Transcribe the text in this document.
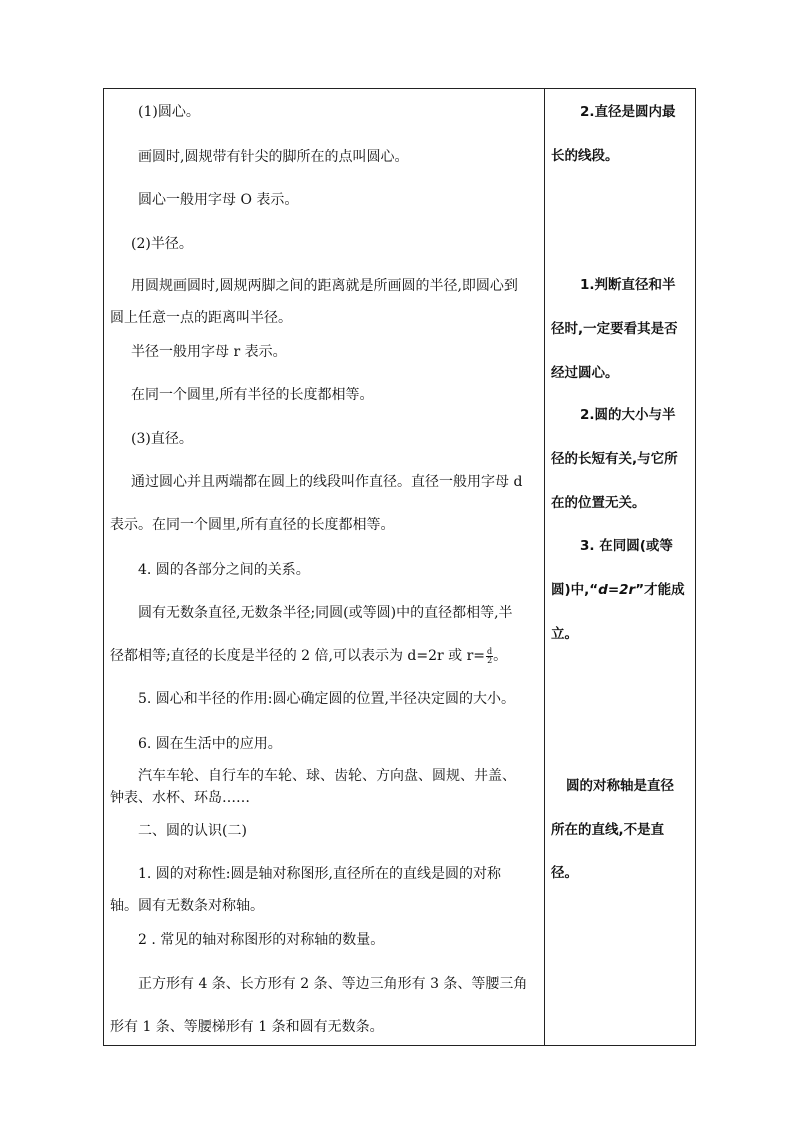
(1)圆心。
画圆时,圆规带有针尖的脚所在的点叫圆心。
圆心一般用字母 O 表示。
(2)半径。
用圆规画圆时,圆规两脚之间的距离就是所画圆的半径,即圆心到
圆上任意一点的距离叫半径。
半径一般用字母 r 表示。
在同一个圆里,所有半径的长度都相等。
(3)直径。
通过圆心并且两端都在圆上的线段叫作直径。直径一般用字母 d
表示。在同一个圆里,所有直径的长度都相等。
4. 圆的各部分之间的关系。
圆有无数条直径,无数条半径;同圆(或等圆)中的直径都相等,半
径都相等;直径的长度是半径的 2 倍,可以表示为 d=2r 或 $r= \frac{d}{2}$ 。
5. 圆心和半径的作用:圆心确定圆的位置,半径决定圆的大小。
6. 圆在生活中的应用。
汽车车轮、自行车的车轮、球、齿轮、方向盘、圆规、井盖、
钟表、水杯、环岛……
二、圆的认识(二)
1. 圆的对称性:圆是轴对称图形,直径所在的直线是圆的对称
轴。圆有无数条对称轴。
2 . 常见的轴对称图形的对称轴的数量。
正方形有 4 条、长方形有 2 条、等边三角形有 3 条、等腰三角
形有 1 条、等腰梯形有 1 条和圆有无数条。
2.直径是圆内最
长的线段。
1.判断直径和半
径时,一定要看其是否
经过圆心。
2.圆的大小与半
径的长短有关,与它所
在的位置无关。
3. 在同圆(或等
圆)中,“d=2r”才能成
立。
圆的对称轴是直径
所在的直线,不是直
径。
